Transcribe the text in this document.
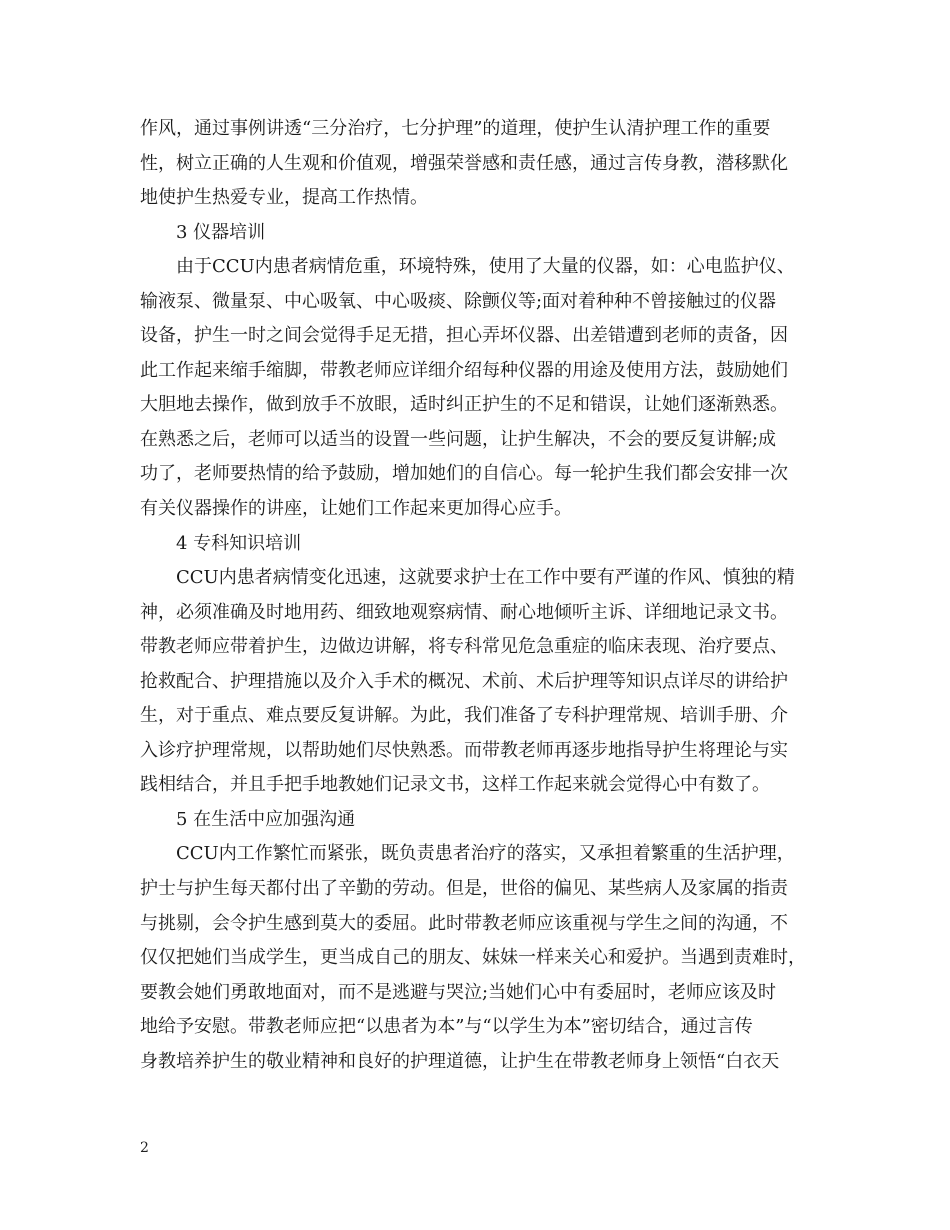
作风，通过事例讲透“三分治疗，七分护理”的道理，使护生认清护理工作的重要
性，树立正确的人生观和价值观，增强荣誉感和责任感，通过言传身教，潜移默化
地使护生热爱专业，提高工作热情。
3 仪器培训
由于CCU内患者病情危重，环境特殊，使用了大量的仪器，如：心电监护仪、
输液泵、微量泵、中心吸氧、中心吸痰、除颤仪等;面对着种种不曾接触过的仪器
设备，护生一时之间会觉得手足无措，担心弄坏仪器、出差错遭到老师的责备，因
此工作起来缩手缩脚，带教老师应详细介绍每种仪器的用途及使用方法，鼓励她们
大胆地去操作，做到放手不放眼，适时纠正护生的不足和错误，让她们逐渐熟悉。
在熟悉之后，老师可以适当的设置一些问题，让护生解决，不会的要反复讲解;成
功了，老师要热情的给予鼓励，增加她们的自信心。每一轮护生我们都会安排一次
有关仪器操作的讲座，让她们工作起来更加得心应手。
4 专科知识培训
CCU内患者病情变化迅速，这就要求护士在工作中要有严谨的作风、慎独的精
神，必须准确及时地用药、细致地观察病情、耐心地倾听主诉、详细地记录文书。
带教老师应带着护生，边做边讲解，将专科常见危急重症的临床表现、治疗要点、
抢救配合、护理措施以及介入手术的概况、术前、术后护理等知识点详尽的讲给护
生，对于重点、难点要反复讲解。为此，我们准备了专科护理常规、培训手册、介
入诊疗护理常规，以帮助她们尽快熟悉。而带教老师再逐步地指导护生将理论与实
践相结合，并且手把手地教她们记录文书，这样工作起来就会觉得心中有数了。
5 在生活中应加强沟通
CCU内工作繁忙而紧张，既负责患者治疗的落实，又承担着繁重的生活护理，
护士与护生每天都付出了辛勤的劳动。但是，世俗的偏见、某些病人及家属的指责
与挑剔，会令护生感到莫大的委屈。此时带教老师应该重视与学生之间的沟通，不
仅仅把她们当成学生，更当成自己的朋友、妹妹一样来关心和爱护。当遇到责难时，
要教会她们勇敢地面对，而不是逃避与哭泣;当她们心中有委屈时，老师应该及时
地给予安慰。带教老师应把“以患者为本”与“以学生为本”密切结合，通过言传
身教培养护生的敬业精神和良好的护理道德，让护生在带教老师身上领悟“白衣天
2
